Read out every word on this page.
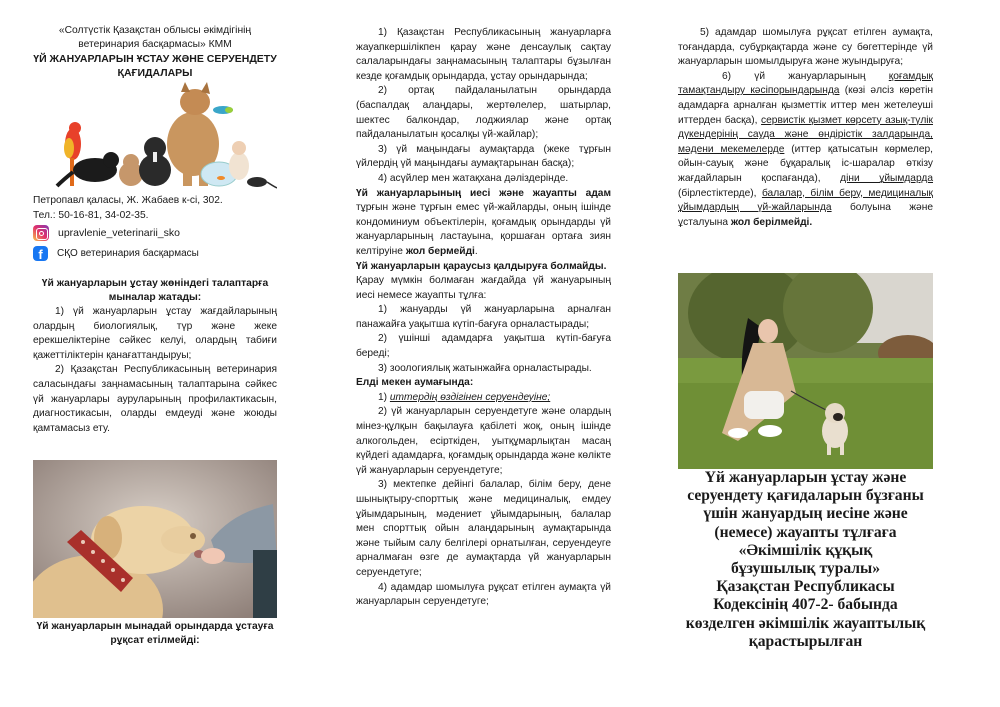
«Солтүстік Қазақстан облысы әкімдігінің
ветеринария басқармасы» КММ
ҮЙ ЖАНУАРЛАРЫН ҰСТАУ ЖӘНЕ СЕРУЕНДЕТУ
ҚАҒИДАЛАРЫ
Петропавл қаласы, Ж. Жабаев к-сі, 302.
Тел.: 50-16-81, 34-02-35.
upravlenie_veterinarii_sko
f	СҚО ветеринария басқармасы
Үй жануарларын ұстау жөніндегі талаптарға
мыналар жатады:

1) үй жануарларын ұстау жағдайларының олардың биологиялық, түр және жеке ерекшеліктеріне сәйкес келуі, олардың табиғи қажеттіліктерін қанағаттандыруы;

2) Қазақстан Республикасының ветеринария саласындағы заңнамасының талаптарына сәйкес үй жануарлары ауруларының профилактикасын, диагностикасын, оларды емдеуді және жоюды қамтамасыз ету.

Үй жануарларын мынадай орындарда ұстауға
рұқсат етілмейді:

1) Қазақстан Республикасының жануарларға жауапкершілікпен қарау және денсаулық сақтау салаларындағы заңнамасының талаптары бұзылған кезде қоғамдық орындарда, ұстау орындарында;

2) ортақ пайдаланылатын орындарда (баспалдақ алаңдары, жертөлелер, шатырлар, шектес балкондар, лоджиялар және ортақ пайдаланылатын қосалқы үй-жайлар);

3) үй маңындағы аумақтарда (жеке тұрғын үйлердің үй маңындағы аумақтарынан басқа);

4) асүйлер мен жатақхана дәліздерінде.

Үй жануарларының иесі және жауапты адам тұрғын және тұрғын емес үй-жайларды, оның ішінде кондоминиум объектілерін, қоғамдық орындарды үй жануарларының ластауына, қоршаған ортаға зиян келтіруіне жол бермейді.

Үй жануарларын қараусыз қалдыруға болмайды.

Қарау мүмкін болмаған жағдайда үй жануарының иесі немесе жауапты тұлға:

1) жануарды үй жануарларына арналған панажайға уақытша күтіп-бағуға орналастырады;

2) үшінші адамдарға уақытша күтіп-бағуға береді;

3) зоологиялық жатынжайға орналастырады.

Елді мекен аумағында:

1) иттердің өздігінен серуендеуіне;

2) үй жануарларын серуендетуге және олардың мінез-құлқын бақылауға қабілеті жоқ, оның ішінде алкогольден, есірткіден, уытқұмарлықтан масаң күйдегі адамдарға, қоғамдық орындарда және көлікте үй жануарларын серуендетуге;

3) мектепке дейінгі балалар, білім беру, дене шынықтыру-спорттық және медициналық, емдеу ұйымдарының, мәдениет ұйымдарының, балалар мен спорттық ойын алаңдарының аумақтарында және тыйым салу белгілері орнатылған, серуендеуге арналмаған өзге де аумақтарда үй жануарларын серуендетуге;

4) адамдар шомылуға рұқсат етілген аумақта үй жануарларын серуендетуге;

5) адамдар шомылуға рұқсат етілген аумақта, тоғандарда, субұрқақтарда және су бөгеттерінде үй жануарларын шомылдыруға және жуындыруға;

6) үй жануарларының қоғамдық тамақтандыру кәсіпорындарында (көзі әлсіз көретін адамдарға арналған қызметтік иттер мен жетелеуші иттерден басқа), сервистік қызмет көрсету азық-түлік дүкендерінің сауда және өндірістік залдарында, мәдени мекемелерде (иттер қатысатын көрмелер, ойын-сауық және бұқаралық іс-шаралар өткізу жағдайларын қоспағанда), діни ұйымдарда (бірлестіктерде), балалар, білім беру, медициналық ұйымдардың үй-жайларында болуына және ұсталуына жол берілмейді.

Үй жануарларын ұстау және
серуендету қағидаларын бұзғаны
үшін жануардың иесіне және
(немесе) жауапты тұлғаға
«Әкімшілік құқық
бұзушылық туралы»
Қазақстан Республикасы
Кодексінің 407-2- бабында
көзделген әкімшілік жауаптылық
қарастырылған
